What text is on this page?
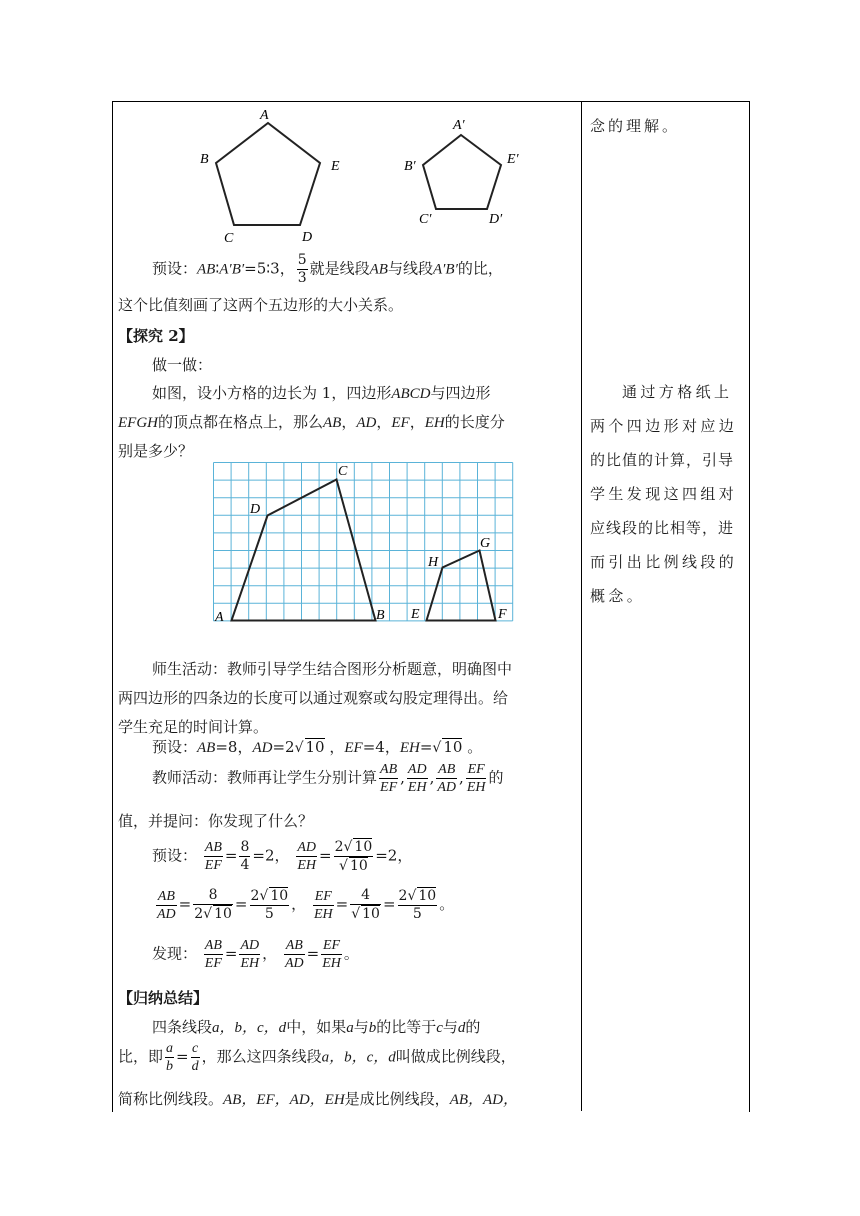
念的理解。
通过方格纸上
两个四边形对应边
的比值的计算，引导
学生发现这四组对
应线段的比相等，进
而引出比例线段的
概念。
A
B	E
C	D
A′
B′	E′
C′	D′
预设：AB∶A′B′=5∶3， $\frac{5}{3}$ 就是线段AB与线段A′B′的比，
这个比值刻画了这两个五边形的大小关系。
【探究 2】
做一做：
如图，设小方格的边长为 1，四边形ABCD与四边形
EFGH的顶点都在格点上，那么AB，AD，EF，EH的长度分
别是多少？
A	B
C
D
E	F
G
H
师生活动：教师引导学生结合图形分析题意，明确图中
两四边形的四条边的长度可以通过观察或勾股定理得出。给
学生充足的时间计算。
预设：AB=8，AD=2√ 10 ，EF=4，EH=√ 10 。
教师活动：教师再让学生分别计算 $\frac{AB}{EF}$ , $\frac{AD}{EH}$ , $\frac{AB}{AD}$ , $\frac{EF}{EH}$ 的
值，并提问：你发现了什么？
预设： $\frac{AB}{EF} = \frac{8}{4} =2$， $\frac{AD}{EH} = \frac{2√ 10}{√ 10} =2$，
$\frac{AB}{AD} = \frac{8}{2√ 10} = \frac{2√ 10}{5}$ ， $\frac{EF}{EH} = \frac{4}{√ 10} = \frac{2√ 10}{5}$ 。
发现： $\frac{AB}{EF} = \frac{AD}{EH}$ ， $\frac{AB}{AD} = \frac{EF}{EH}$ 。
【归纳总结】
四条线段a，b，c，d中，如果a与b的比等于c与d的
比，即 $\frac{a}{b} = \frac{c}{d}$ ，那么这四条线段a，b，c，d叫做成比例线段，
简称比例线段。AB，EF，AD，EH是成比例线段，AB，AD，
